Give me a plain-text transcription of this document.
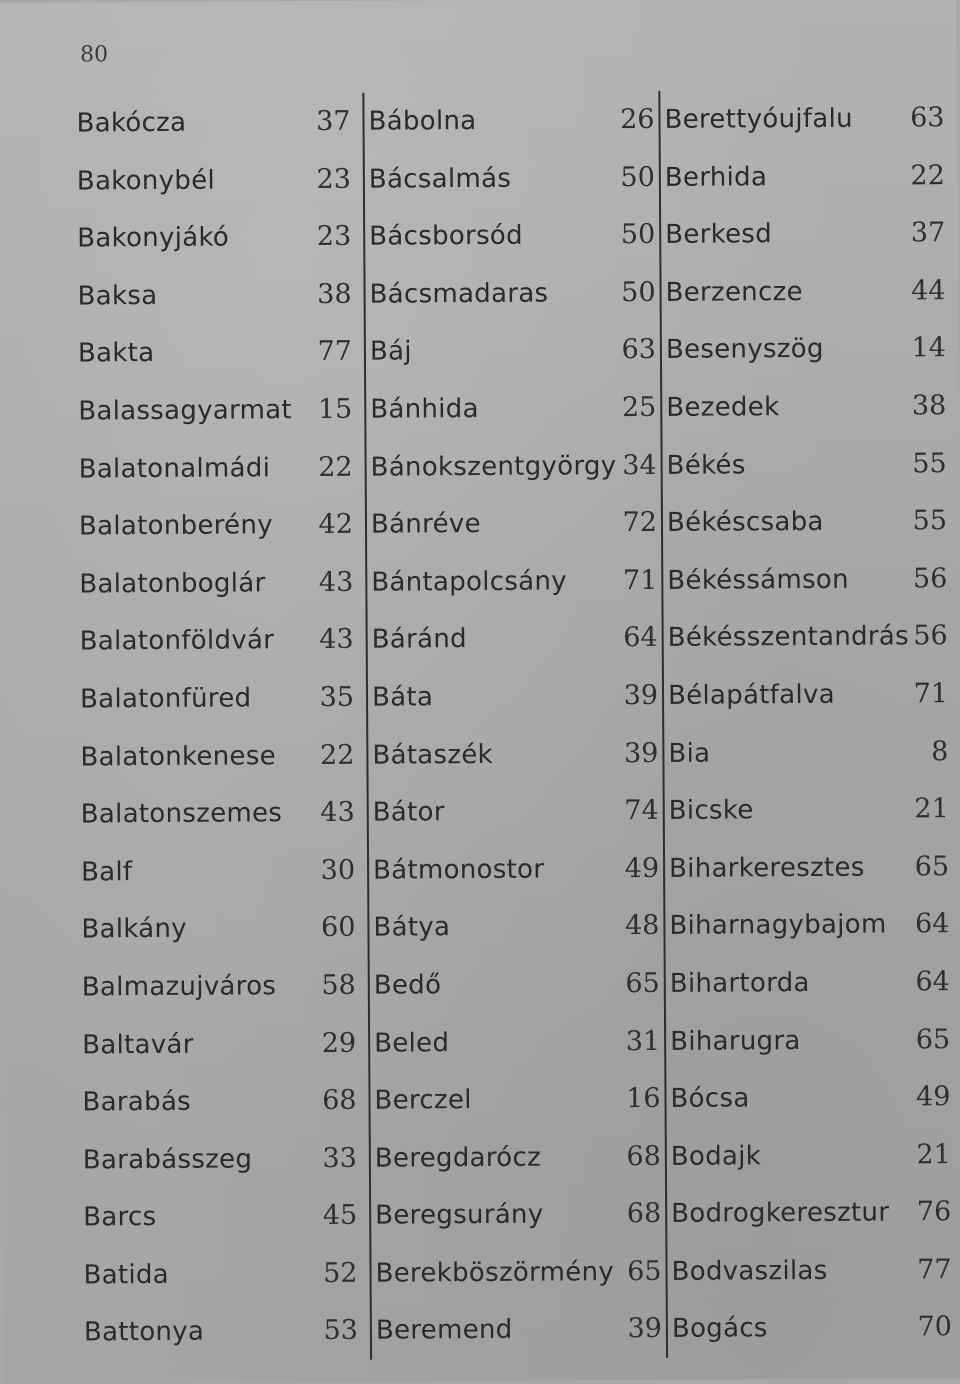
80
Bakócza	37
Bakonybél	23
Bakonyjákó	23
Baksa	38
Bakta	77
Balassagyarmat 15
Balatonalmádi 22
Balatonberény 42
Balatonboglár 43
Balatonföldvár 43
Balatonfüred	35
Balatonkenese 22
Balatonszemes 43
Balf	30
Balkány	60
Balmazujváros 58
Baltavár	29
Barabás	68
Barabásszeg	33
Barcs	45
Batida	52
Battonya	53
Bábolna	26
Bácsalmás	50
Bácsborsód	50
Bácsmadaras	50
Báj	63
Bánhida	25
Bánokszentgyörgy 34
Bánréve	72
Bántapolcsány 71
Báránd	64
Báta	39
Bátaszék	39
Bátor	74
Bátmonostor	49
Bátya	48
Bedő	65
Beled	31
Berczel	16
Beregdarócz	68
Beregsurány	68
Berekböszörmény 65
Beremend	39
Berettyóujfalu 63
Berhida	22
Berkesd	37
Berzencze	44
Besenyszög	14
Bezedek	38
Békés	55
Békéscsaba	55
Békéssámson 56
Békésszentandrás 56
Bélapátfalva	71
Bia	8
Bicske	21
Biharkeresztes 65
Biharnagybajom 64
Bihartorda	64
Biharugra	65
Bócsa	49
Bodajk	21
Bodrogkeresztur 76
Bodvaszilas	77
Bogács	70
